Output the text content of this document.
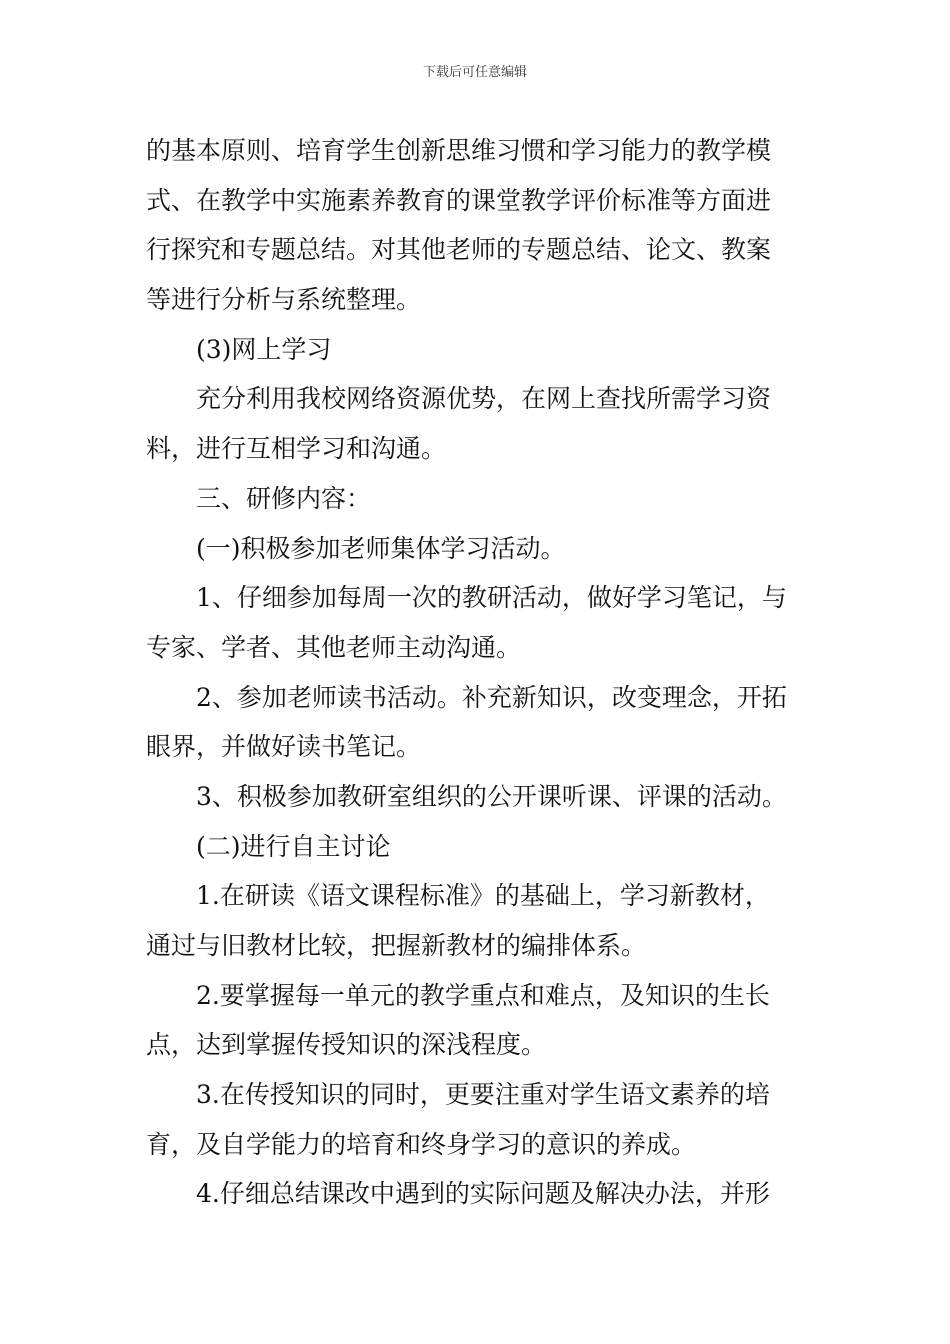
下载后可任意编辑
的基本原则、培育学生创新思维习惯和学习能力的教学模
式、在教学中实施素养教育的课堂教学评价标准等方面进
行探究和专题总结。对其他老师的专题总结、论文、教案
等进行分析与系统整理。
(3)网上学习
充分利用我校网络资源优势，在网上查找所需学习资
料，进行互相学习和沟通。
三、研修内容：
(一)积极参加老师集体学习活动。
1、仔细参加每周一次的教研活动，做好学习笔记，与
专家、学者、其他老师主动沟通。
2、参加老师读书活动。补充新知识，改变理念，开拓
眼界，并做好读书笔记。
3、积极参加教研室组织的公开课听课、评课的活动。
(二)进行自主讨论
1.在研读《语文课程标准》的基础上，学习新教材，
通过与旧教材比较，把握新教材的编排体系。
2.要掌握每一单元的教学重点和难点，及知识的生长
点，达到掌握传授知识的深浅程度。
3.在传授知识的同时，更要注重对学生语文素养的培
育，及自学能力的培育和终身学习的意识的养成。
4.仔细总结课改中遇到的实际问题及解决办法，并形
